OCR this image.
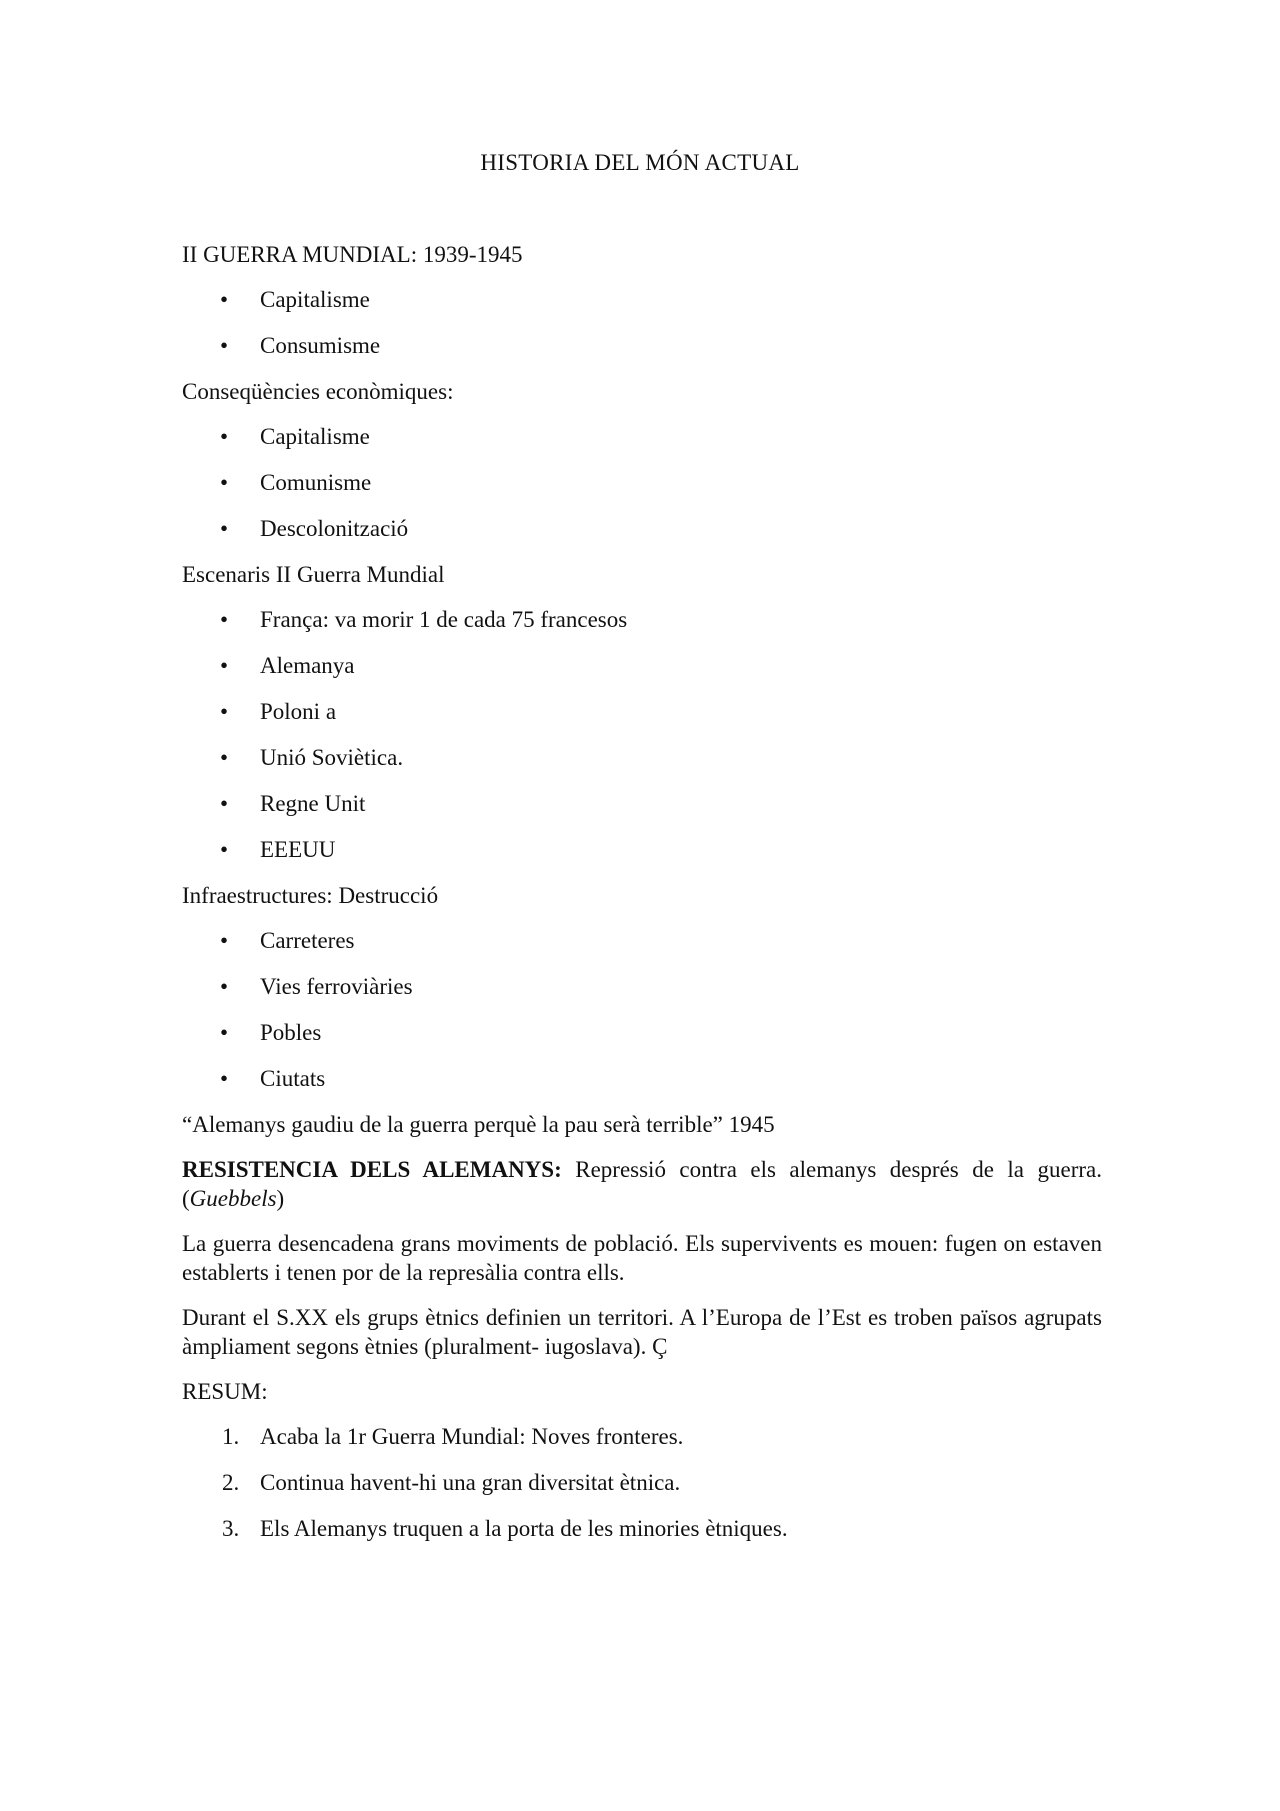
HISTORIA DEL MÓN ACTUAL
II GUERRA MUNDIAL: 1939-1945
• Capitalisme
• Consumisme
Conseqüències econòmiques:
• Capitalisme
• Comunisme
• Descolonització
Escenaris II Guerra Mundial
• França: va morir 1 de cada 75 francesos
• Alemanya
• Poloni a
• Unió Soviètica.
• Regne Unit
• EEEUU
Infraestructures: Destrucció
• Carreteres
• Vies ferroviàries
• Pobles
• Ciutats
“Alemanys gaudiu de la guerra perquè la pau serà terrible” 1945
RESISTENCIA DELS ALEMANYS: Repressió contra els alemanys després de la guerra. (Guebbels)
La guerra desencadena grans moviments de població. Els supervivents es mouen: fugen on estaven establerts i tenen por de la represàlia contra ells.
Durant el S.XX els grups ètnics definien un territori. A l’Europa de l’Est es troben països agrupats àmpliament segons ètnies (pluralment- iugoslava). Ç
RESUM:
1. Acaba la 1r Guerra Mundial: Noves fronteres.
2. Continua havent-hi una gran diversitat ètnica.
3. Els Alemanys truquen a la porta de les minories ètniques.
